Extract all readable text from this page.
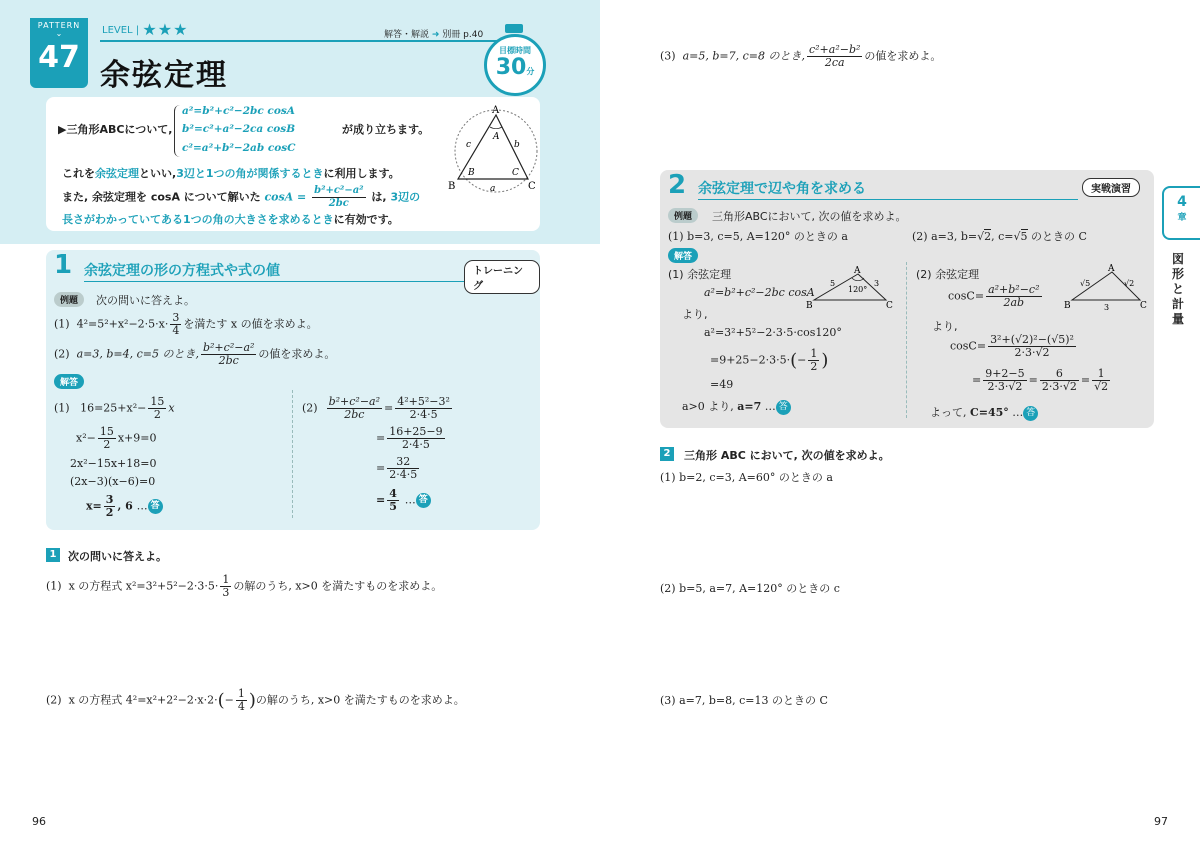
PATTERN
⌄
47
LEVEL | ★★★	解答・解説 ➜ 別冊 p.40
余弦定理
目標時間
30分
▶三角形ABCについて,
a²=b²+c²−2bc cosA
b²=c²+a²−2ca cosB
c²=a²+b²−2ab cosC
が成り立ちます。
これを余弦定理といい,3辺と1つの角が関係するときに利用します。
また, 余弦定理を cosA について解いた $\cos A = \frac{\text{b²+c²−a²}}{2bc}$ は, 3辺の
長さがわかっていてある1つの角の大きさを求めるときに有効です。
A
B	C
a
b
c
A
B	C
1 余弦定理の形の方程式や式の値	トレーニング
例題	次の問いに答えよ。
(1) $4^2=5^2+x^2-2\cdot 5\cdot x\cdot \frac{3}{4}$ を満たす x の値を求めよ。
(2) a=3, b=4, c=5 のとき, $\frac{\text{b²+c²−a²}}{2bc}$ の値を求めよ。
解答
(1) $16=25+x^2- \frac{15}{2}$ x
$x^2- \frac{15}{2} x+9=0$
2x²−15x+18=0
(2x−3)(x−6)=0
$x= \frac{3}{2}$ , 6 … 答
$(2) \frac{\text{b²+c²−a²}}{2bc} = \frac{\text{4²+5²−3²}}{2\cdot 4\cdot 5}$
= $\frac{16+25-9}{2\cdot 4\cdot 5}$
= $\frac{32}{2\cdot 4\cdot 5}$
= $\frac{4}{5}$ … 答
1	次の問いに答えよ。
(1) x の方程式 $x^2=3^2+5^2-2\cdot 3\cdot 5\cdot \frac{1}{3}$ の解のうち, x>0 を満たすものを求めよ。
(2) x の方程式 $4^2=x^2+2^2-2\cdot x\cdot 2\cdot(- \frac{1}{4}$ )の解のうち, x>0 を満たすものを求めよ。
96
(3) a=5, b=7, c=8 のとき, $\frac{\text{c²+a²−b²}}{2ca}$ の値を求めよ。
4
章
図形と計量
2 余弦定理で辺や角を求める	実戦演習
例題	三角形ABCにおいて, 次の値を求めよ。
(1) b=3, c=5, A=120° のときの a	(2) a=3, b=√2, c=√5 のときの C
解答
(1) 余弦定理
a²=b²+c²−2bc cosA
より,
a²=3²+5²−2·3·5·cos120°
$=9+25-2\cdot 3\cdot 5\cdot(- \frac{1}{2}$ )
=49
a>0 より, a=7 … 答
A
B	C
5	3
120°
(2) 余弦定理
$\cos C= \frac{\text{a²+b²−c²}}{2ab}$
より,
$\cos C= \frac{\text{3²+(√2)²−(√5)²}}{2\cdot 3\cdot√2}$
= $\frac{9+2-5}{2\cdot 3\cdot√2} = \frac{6}{2\cdot 3\cdot√2} = \frac{1}{√2}$
よって, C=45° … 答
A
B	C
√5	√2
3
2	三角形 ABC において, 次の値を求めよ。
(1) b=2, c=3, A=60° のときの a
(2) b=5, a=7, A=120° のときの c
(3) a=7, b=8, c=13 のときの C
97
